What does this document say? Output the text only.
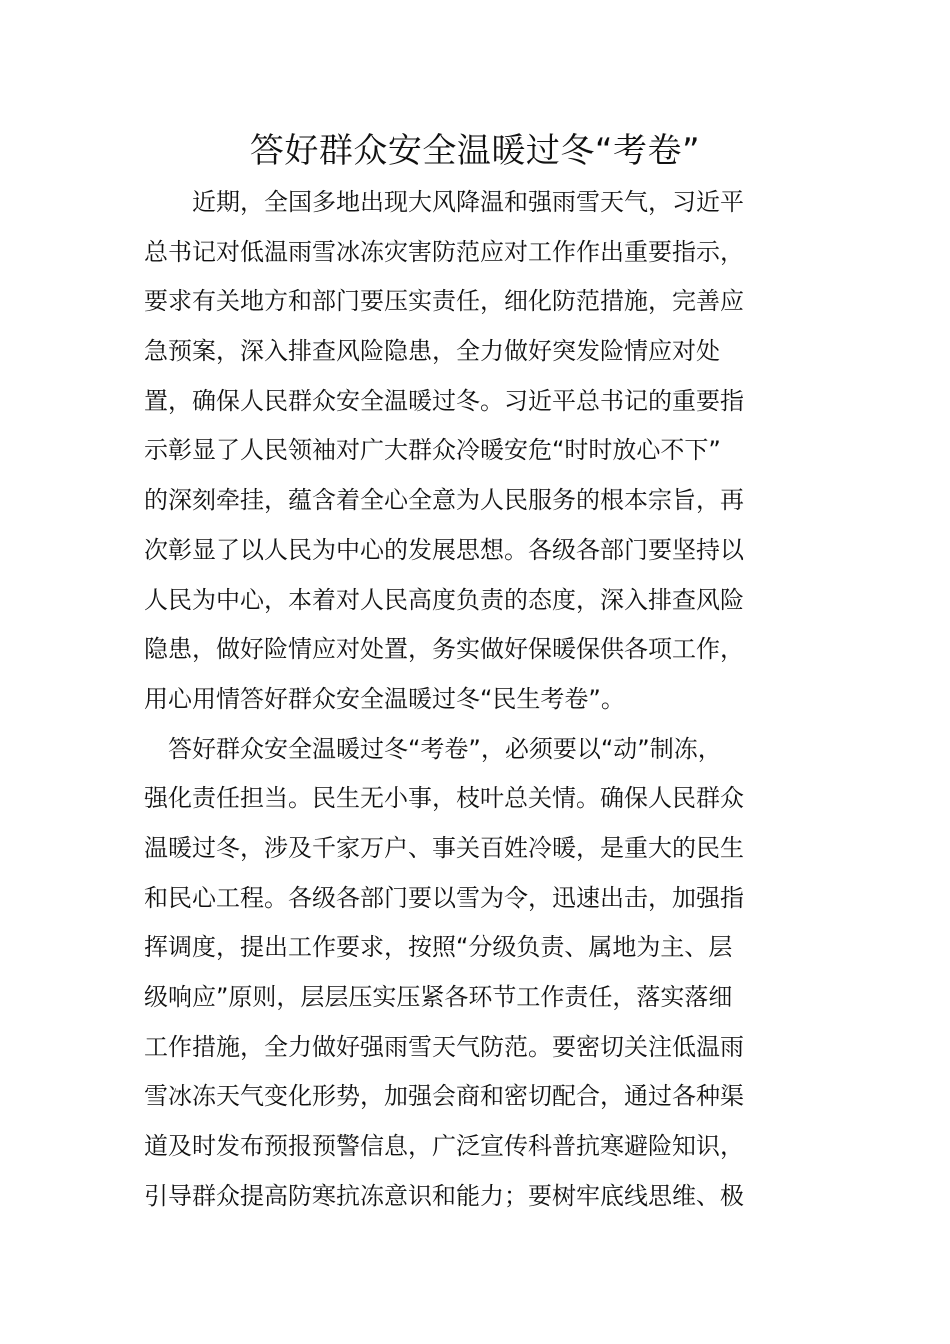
答好群众安全温暖过冬“考卷”
　　近期，全国多地出现大风降温和强雨雪天气，习近平
总书记对低温雨雪冰冻灾害防范应对工作作出重要指示，
要求有关地方和部门要压实责任，细化防范措施，完善应
急预案，深入排查风险隐患，全力做好突发险情应对处
置，确保人民群众安全温暖过冬。习近平总书记的重要指
示彰显了人民领袖对广大群众冷暖安危“时时放心不下”
的深刻牵挂，蕴含着全心全意为人民服务的根本宗旨，再
次彰显了以人民为中心的发展思想。各级各部门要坚持以
人民为中心，本着对人民高度负责的态度，深入排查风险
隐患，做好险情应对处置，务实做好保暖保供各项工作，
用心用情答好群众安全温暖过冬“民生考卷”。
　答好群众安全温暖过冬“考卷”，必须要以“动”制冻，
强化责任担当。民生无小事，枝叶总关情。确保人民群众
温暖过冬，涉及千家万户、事关百姓冷暖，是重大的民生
和民心工程。各级各部门要以雪为令，迅速出击，加强指
挥调度，提出工作要求，按照“分级负责、属地为主、层
级响应”原则，层层压实压紧各环节工作责任，落实落细
工作措施，全力做好强雨雪天气防范。要密切关注低温雨
雪冰冻天气变化形势，加强会商和密切配合，通过各种渠
道及时发布预报预警信息，广泛宣传科普抗寒避险知识，
引导群众提高防寒抗冻意识和能力；要树牢底线思维、极
